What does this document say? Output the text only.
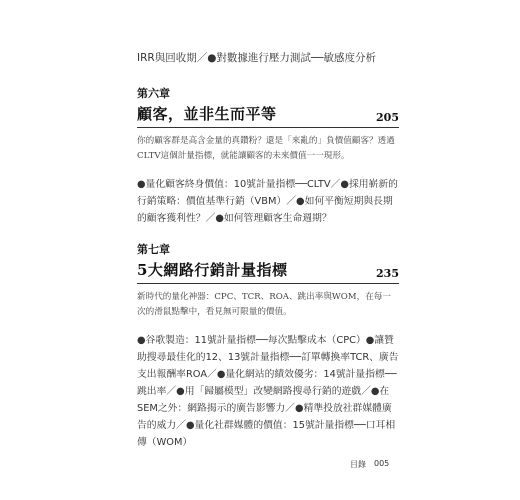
IRR與回收期／●對數據進行壓力測試──敏感度分析
第六章
顧客，並非生而平等	205
你的顧客群是高含金量的真鑽粉？還是「來亂的」負價值顧客？透過CLTV這個計量指標，就能讓顧客的未來價值一一現形。
●量化顧客終身價值：10號計量指標──CLTV／●採用嶄新的行銷策略：價值基準行銷（VBM）／●如何平衡短期與長期的顧客獲利性？／●如何管理顧客生命週期？
第七章
5大網路行銷計量指標	235
新時代的量化神器：CPC、TCR、ROA、跳出率與WOM，在每一次的滑鼠點擊中，看見無可限量的價值。
●谷歌製造：11號計量指標──每次點擊成本（CPC）●讓贊助搜尋最佳化的12、13號計量指標──訂單轉換率TCR、廣告支出報酬率ROA／●量化網站的績效優劣：14號計量指標──跳出率／●用「歸屬模型」改變網路搜尋行銷的遊戲／●在SEM之外：網路揭示的廣告影響力／●精準投放社群媒體廣告的威力／●量化社群媒體的價值：15號計量指標──口耳相傳（WOM）
目錄 005
